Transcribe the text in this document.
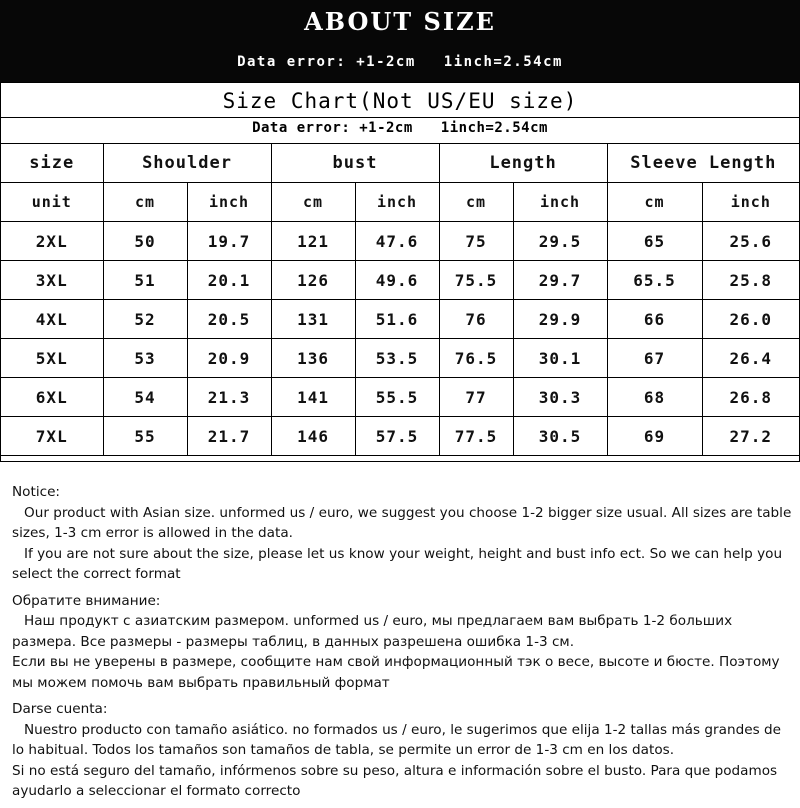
ABOUT SIZE
Data error: +1-2cm 1inch=2.54cm
Size Chart(Not US/EU size)
Data error: +1-2cm 1inch=2.54cm
size	Shoulder		bust		Length		Sleeve Length	
unit	cm	inch	cm	inch	cm	inch	cm	inch
2XL	50	19.7	121	47.6	75	29.5	65	25.6
3XL	51	20.1	126	49.6	75.5	29.7	65.5	25.8
4XL	52	20.5	131	51.6	76	29.9	66	26.0
5XL	53	20.9	136	53.5	76.5	30.1	67	26.4
6XL	54	21.3	141	55.5	77	30.3	68	26.8
7XL	55	21.7	146	57.5	77.5	30.5	69	27.2

Notice:

Our product with Asian size. unformed us / euro, we suggest you choose 1-2 bigger size usual. All sizes are table sizes, 1-3 cm error is allowed in the data.

If you are not sure about the size, please let us know your weight, height and bust info ect. So we can help you select the correct format

Обратите внимание:

Наш продукт с азиатским размером. unformed us / euro, мы предлагаем вам выбрать 1-2 больших размера. Все размеры - размеры таблиц, в данных разрешена ошибка 1-3 см.

Если вы не уверены в размере, сообщите нам свой информационный тэк о весе, высоте и бюсте. Поэтому мы можем помочь вам выбрать правильный формат

Darse cuenta:

Nuestro producto con tamaño asiático. no formados us / euro, le sugerimos que elija 1-2 tallas más grandes de lo habitual. Todos los tamaños son tamaños de tabla, se permite un error de 1-3 cm en los datos.

Si no está seguro del tamaño, infórmenos sobre su peso, altura e información sobre el busto. Para que podamos ayudarlo a seleccionar el formato correcto
